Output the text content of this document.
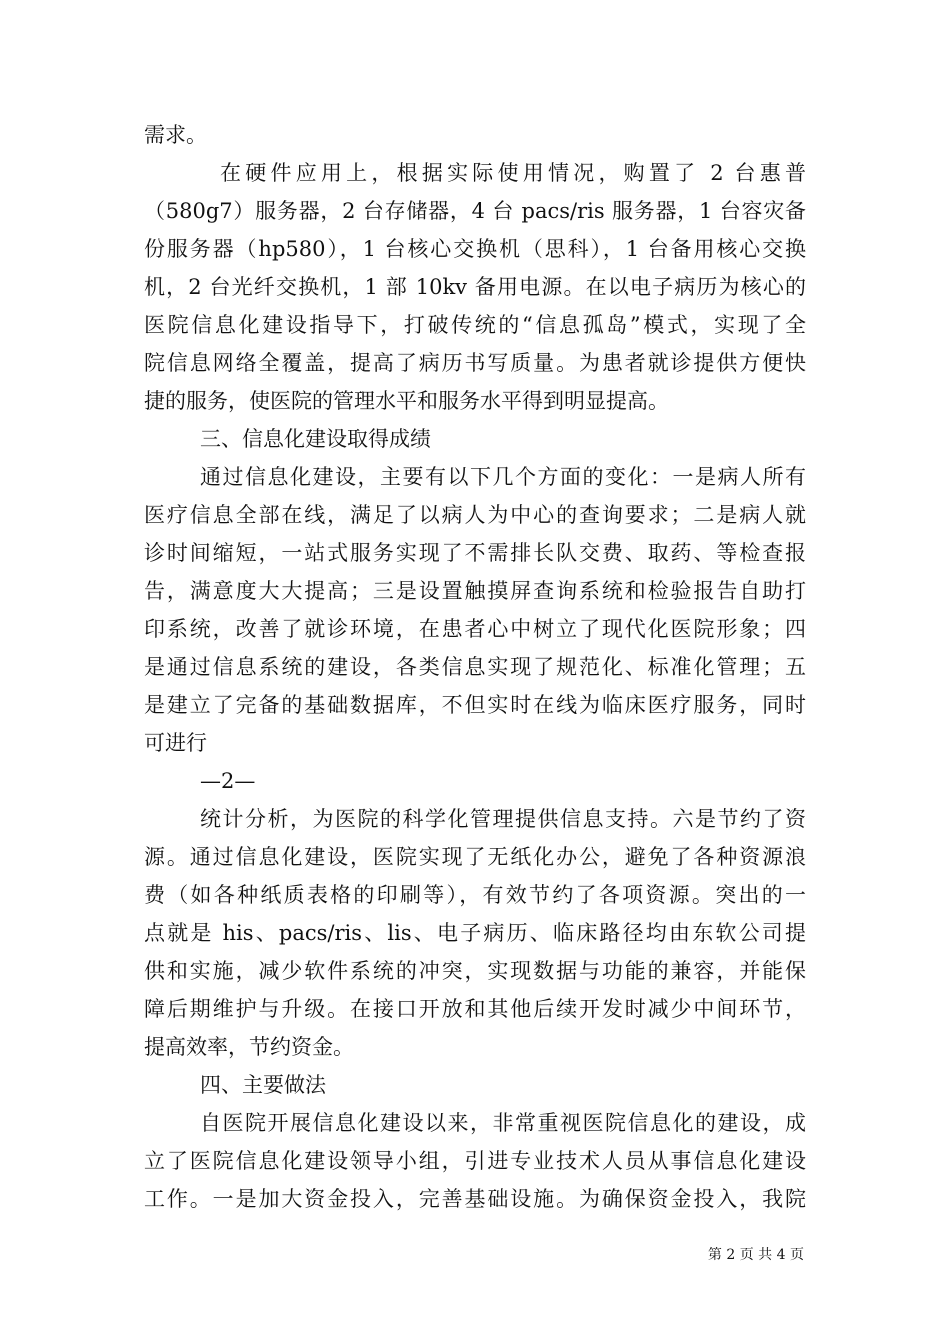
需求。
在硬件应用上，根据实际使用情况，购置了 2 台惠普
（580g7）服务器，2 台存储器，4 台 pacs/ris 服务器，1 台容灾备
份服务器（hp580），1 台核心交换机（思科），1 台备用核心交换
机，2 台光纤交换机，1 部 10kv 备用电源。在以电子病历为核心的
医院信息化建设指导下，打破传统的“信息孤岛”模式，实现了全
院信息网络全覆盖，提高了病历书写质量。为患者就诊提供方便快
捷的服务，使医院的管理水平和服务水平得到明显提高。
三、信息化建设取得成绩
通过信息化建设，主要有以下几个方面的变化：一是病人所有
医疗信息全部在线，满足了以病人为中心的查询要求；二是病人就
诊时间缩短，一站式服务实现了不需排长队交费、取药、等检查报
告，满意度大大提高；三是设置触摸屏查询系统和检验报告自助打
印系统，改善了就诊环境，在患者心中树立了现代化医院形象；四
是通过信息系统的建设，各类信息实现了规范化、标准化管理；五
是建立了完备的基础数据库，不但实时在线为临床医疗服务，同时
可进行
—2—
统计分析，为医院的科学化管理提供信息支持。六是节约了资
源。通过信息化建设，医院实现了无纸化办公，避免了各种资源浪
费（如各种纸质表格的印刷等），有效节约了各项资源。突出的一
点就是 his、pacs/ris、lis、电子病历、临床路径均由东软公司提
供和实施，减少软件系统的冲突，实现数据与功能的兼容，并能保
障后期维护与升级。在接口开放和其他后续开发时减少中间环节，
提高效率，节约资金。
四、主要做法
自医院开展信息化建设以来，非常重视医院信息化的建设，成
立了医院信息化建设领导小组，引进专业技术人员从事信息化建设
工作。一是加大资金投入，完善基础设施。为确保资金投入，我院
第 2 页 共 4 页
